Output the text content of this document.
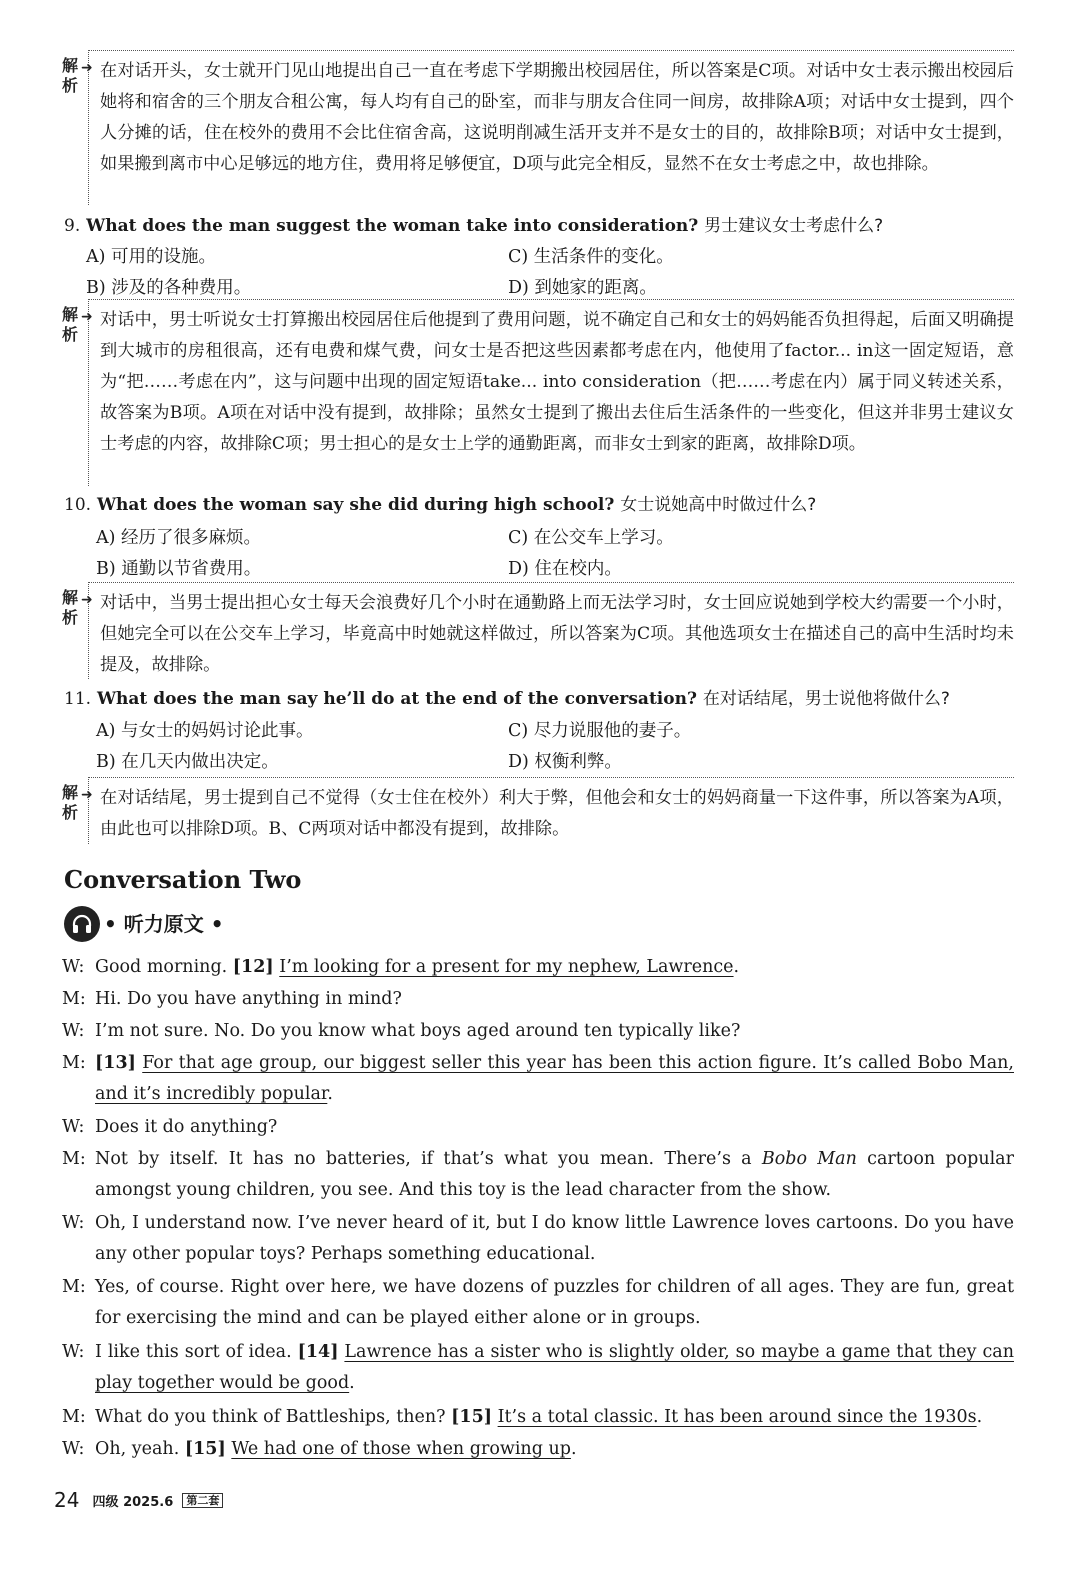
解析
➜ 在对话开头，女士就开门见山地提出自己一直在考虑下学期搬出校园居住，所以答案是C项。对话中女士表示搬出校园后她将和宿舍的三个朋友合租公寓，每人均有自己的卧室，而非与朋友合住同一间房，故排除A项；对话中女士提到，四个人分摊的话，住在校外的费用不会比住宿舍高，这说明削减生活开支并不是女士的目的，故排除B项；对话中女士提到，如果搬到离市中心足够远的地方住，费用将足够便宜，D项与此完全相反，显然不在女士考虑之中，故也排除。
9. What does the man suggest the woman take into consideration? 男士建议女士考虑什么?
A) 可用的设施。	C) 生活条件的变化。
B) 涉及的各种费用。	D) 到她家的距离。
解析
➜ 对话中，男士听说女士打算搬出校园居住后他提到了费用问题，说不确定自己和女士的妈妈能否负担得起，后面又明确提到大城市的房租很高，还有电费和煤气费，问女士是否把这些因素都考虑在内，他使用了factor... in这一固定短语，意为“把……考虑在内”，这与问题中出现的固定短语take... into consideration（把……考虑在内）属于同义转述关系，故答案为B项。A项在对话中没有提到，故排除；虽然女士提到了搬出去住后生活条件的一些变化，但这并非男士建议女士考虑的内容，故排除C项；男士担心的是女士上学的通勤距离，而非女士到家的距离，故排除D项。
10. What does the woman say she did during high school? 女士说她高中时做过什么?
A) 经历了很多麻烦。	C) 在公交车上学习。
B) 通勤以节省费用。	D) 住在校内。
解析
➜ 对话中，当男士提出担心女士每天会浪费好几个小时在通勤路上而无法学习时，女士回应说她到学校大约需要一个小时，但她完全可以在公交车上学习，毕竟高中时她就这样做过，所以答案为C项。其他选项女士在描述自己的高中生活时均未提及，故排除。
11. What does the man say he’ll do at the end of the conversation? 在对话结尾，男士说他将做什么?
A) 与女士的妈妈讨论此事。	C) 尽力说服他的妻子。
B) 在几天内做出决定。	D) 权衡利弊。
解析
➜ 在对话结尾，男士提到自己不觉得（女士住在校外）利大于弊，但他会和女士的妈妈商量一下这件事，所以答案为A项，由此也可以排除D项。B、C两项对话中都没有提到，故排除。
Conversation Two
• 听力原文 •
W: Good morning. [12] I’m looking for a present for my nephew, Lawrence.
M: Hi. Do you have anything in mind?
W: I’m not sure. No. Do you know what boys aged around ten typically like?
M: [13] For that age group, our biggest seller this year has been this action figure. It’s called Bobo Man, and it’s incredibly popular.
W: Does it do anything?
M: Not by itself. It has no batteries, if that’s what you mean. There’s a Bobo Man cartoon popular amongst young children, you see. And this toy is the lead character from the show.
W: Oh, I understand now. I’ve never heard of it, but I do know little Lawrence loves cartoons. Do you have any other popular toys? Perhaps something educational.
M: Yes, of course. Right over here, we have dozens of puzzles for children of all ages. They are fun, great for exercising the mind and can be played either alone or in groups.
W: I like this sort of idea. [14] Lawrence has a sister who is slightly older, so maybe a game that they can play together would be good.
M: What do you think of Battleships, then? [15] It’s a total classic. It has been around since the 1930s.
W: Oh, yeah. [15] We had one of those when growing up.
24 四级 2025.6 第二套
